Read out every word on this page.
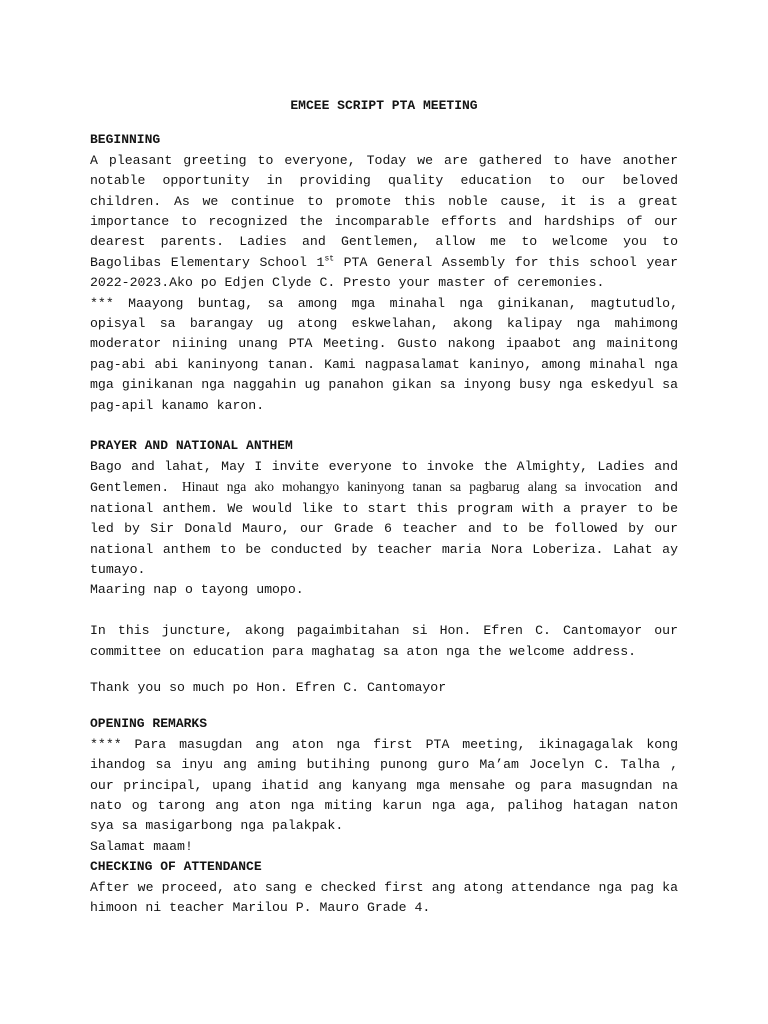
EMCEE SCRIPT PTA MEETING
BEGINNING

A pleasant greeting to everyone, Today we are gathered to have another notable opportunity in providing quality education to our beloved children. As we continue to promote this noble cause, it is a great importance to recognized the incomparable efforts and hardships of our dearest parents. Ladies and Gentlemen, allow me to welcome you to Bagolibas Elementary School 1st PTA General Assembly for this school year 2022-2023.Ako po Edjen Clyde C. Presto your master of ceremonies.

*** Maayong buntag, sa among mga minahal nga ginikanan, magtutudlo, opisyal sa barangay ug atong eskwelahan, akong kalipay nga mahimong moderator niining unang PTA Meeting. Gusto nakong ipaabot ang mainitong pag-abi abi kaninyong tanan. Kami nagpasalamat kaninyo, among minahal nga mga ginikanan nga naggahin ug panahon gikan sa inyong busy nga eskedyul sa pag-apil kanamo karon.

PRAYER AND NATIONAL ANTHEM

Bago and lahat, May I invite everyone to invoke the Almighty, Ladies and Gentlemen. Hinaut nga ako mohangyo kaninyong tanan sa pagbarug alang sa invocation and national anthem. We would like to start this program with a prayer to be led by Sir Donald Mauro, our Grade 6 teacher and to be followed by our national anthem to be conducted by teacher maria Nora Loberiza. Lahat ay tumayo.

Maaring nap o tayong umopo.

In this juncture, akong pagaimbitahan si Hon. Efren C. Cantomayor our committee on education para maghatag sa aton nga the welcome address.

Thank you so much po Hon. Efren C. Cantomayor

OPENING REMARKS

**** Para masugdan ang aton nga first PTA meeting, ikinagagalak kong ihandog sa inyu ang aming butihing punong guro Ma’am Jocelyn C. Talha , our principal, upang ihatid ang kanyang mga mensahe og para masugndan na nato og tarong ang aton nga miting karun nga aga, palihog hatagan naton sya sa masigarbong nga palakpak.

Salamat maam!

CHECKING OF ATTENDANCE

After we proceed, ato sang e checked first ang atong attendance nga pag ka himoon ni teacher Marilou P. Mauro Grade 4.
